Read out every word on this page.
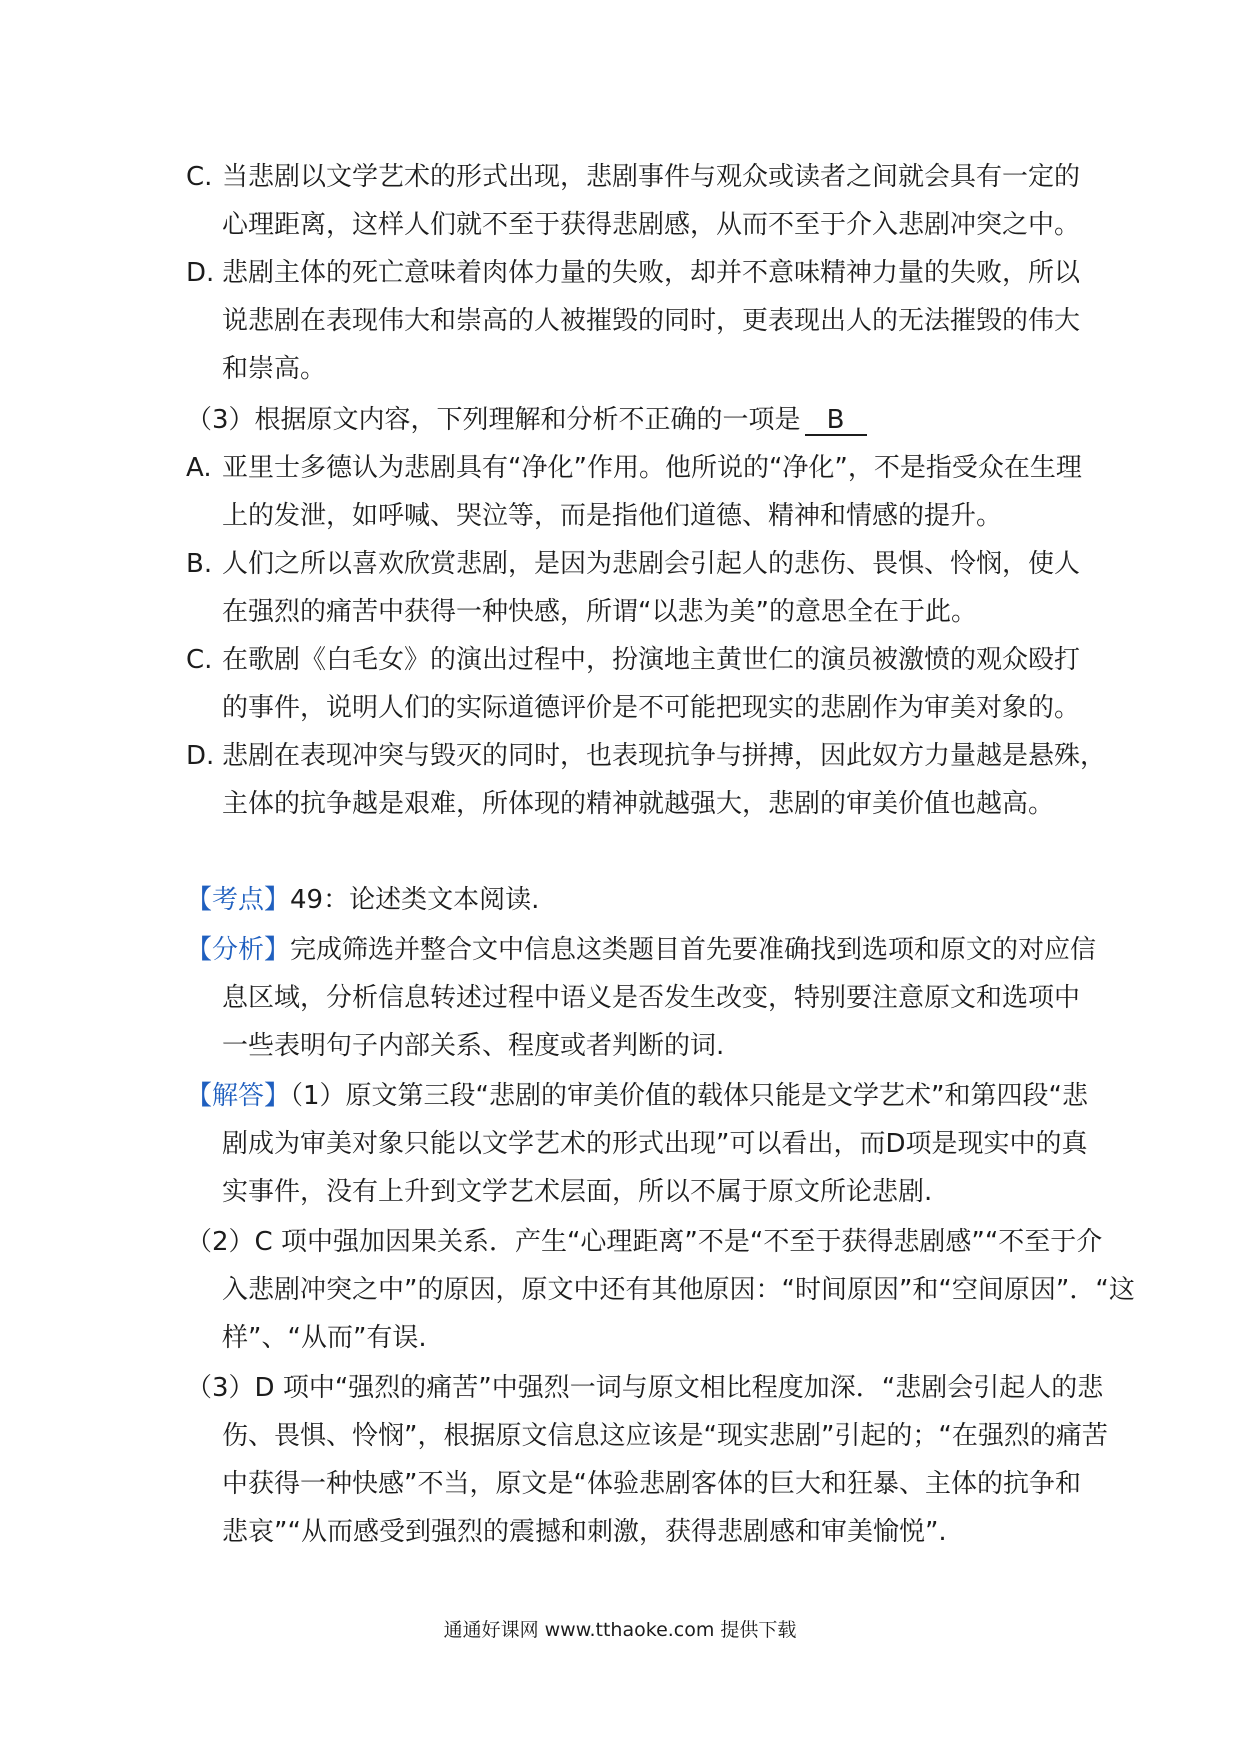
C. 当悲剧以文学艺术的形式出现，悲剧事件与观众或读者之间就会具有一定的
心理距离，这样人们就不至于获得悲剧感，从而不至于介入悲剧冲突之中。
D. 悲剧主体的死亡意味着肉体力量的失败，却并不意味精神力量的失败，所以
说悲剧在表现伟大和崇高的人被摧毁的同时，更表现出人的无法摧毁的伟大
和崇高。
（3）根据原文内容，下列理解和分析不正确的一项是 B
A. 亚里士多德认为悲剧具有“净化”作用。他所说的“净化”，不是指受众在生理
上的发泄，如呼喊、哭泣等，而是指他们道德、精神和情感的提升。
B. 人们之所以喜欢欣赏悲剧，是因为悲剧会引起人的悲伤、畏惧、怜悯，使人
在强烈的痛苦中获得一种快感，所谓“以悲为美”的意思全在于此。
C. 在歌剧《白毛女》的演出过程中，扮演地主黄世仁的演员被激愤的观众殴打
的事件，说明人们的实际道德评价是不可能把现实的悲剧作为审美对象的。
D. 悲剧在表现冲突与毁灭的同时，也表现抗争与拼搏，因此奴方力量越是悬殊，
主体的抗争越是艰难，所体现的精神就越强大，悲剧的审美价值也越高。
【考点】49：论述类文本阅读.
【分析】完成筛选并整合文中信息这类题目首先要准确找到选项和原文的对应信
息区域，分析信息转述过程中语义是否发生改变，特别要注意原文和选项中
一些表明句子内部关系、程度或者判断的词.
【解答】（1）原文第三段“悲剧的审美价值的载体只能是文学艺术”和第四段“悲
剧成为审美对象只能以文学艺术的形式出现”可以看出，而D项是现实中的真
实事件，没有上升到文学艺术层面，所以不属于原文所论悲剧.
（2）C 项中强加因果关系．产生“心理距离”不是“不至于获得悲剧感”“不至于介
入悲剧冲突之中”的原因，原文中还有其他原因：“时间原因”和“空间原因”．“这
样”、“从而”有误.
（3）D 项中“强烈的痛苦”中强烈一词与原文相比程度加深．“悲剧会引起人的悲
伤、畏惧、怜悯”，根据原文信息这应该是“现实悲剧”引起的；“在强烈的痛苦
中获得一种快感”不当，原文是“体验悲剧客体的巨大和狂暴、主体的抗争和
悲哀”“从而感受到强烈的震撼和刺激，获得悲剧感和审美愉悦”.
通通好课网 www.tthaoke.com 提供下载
